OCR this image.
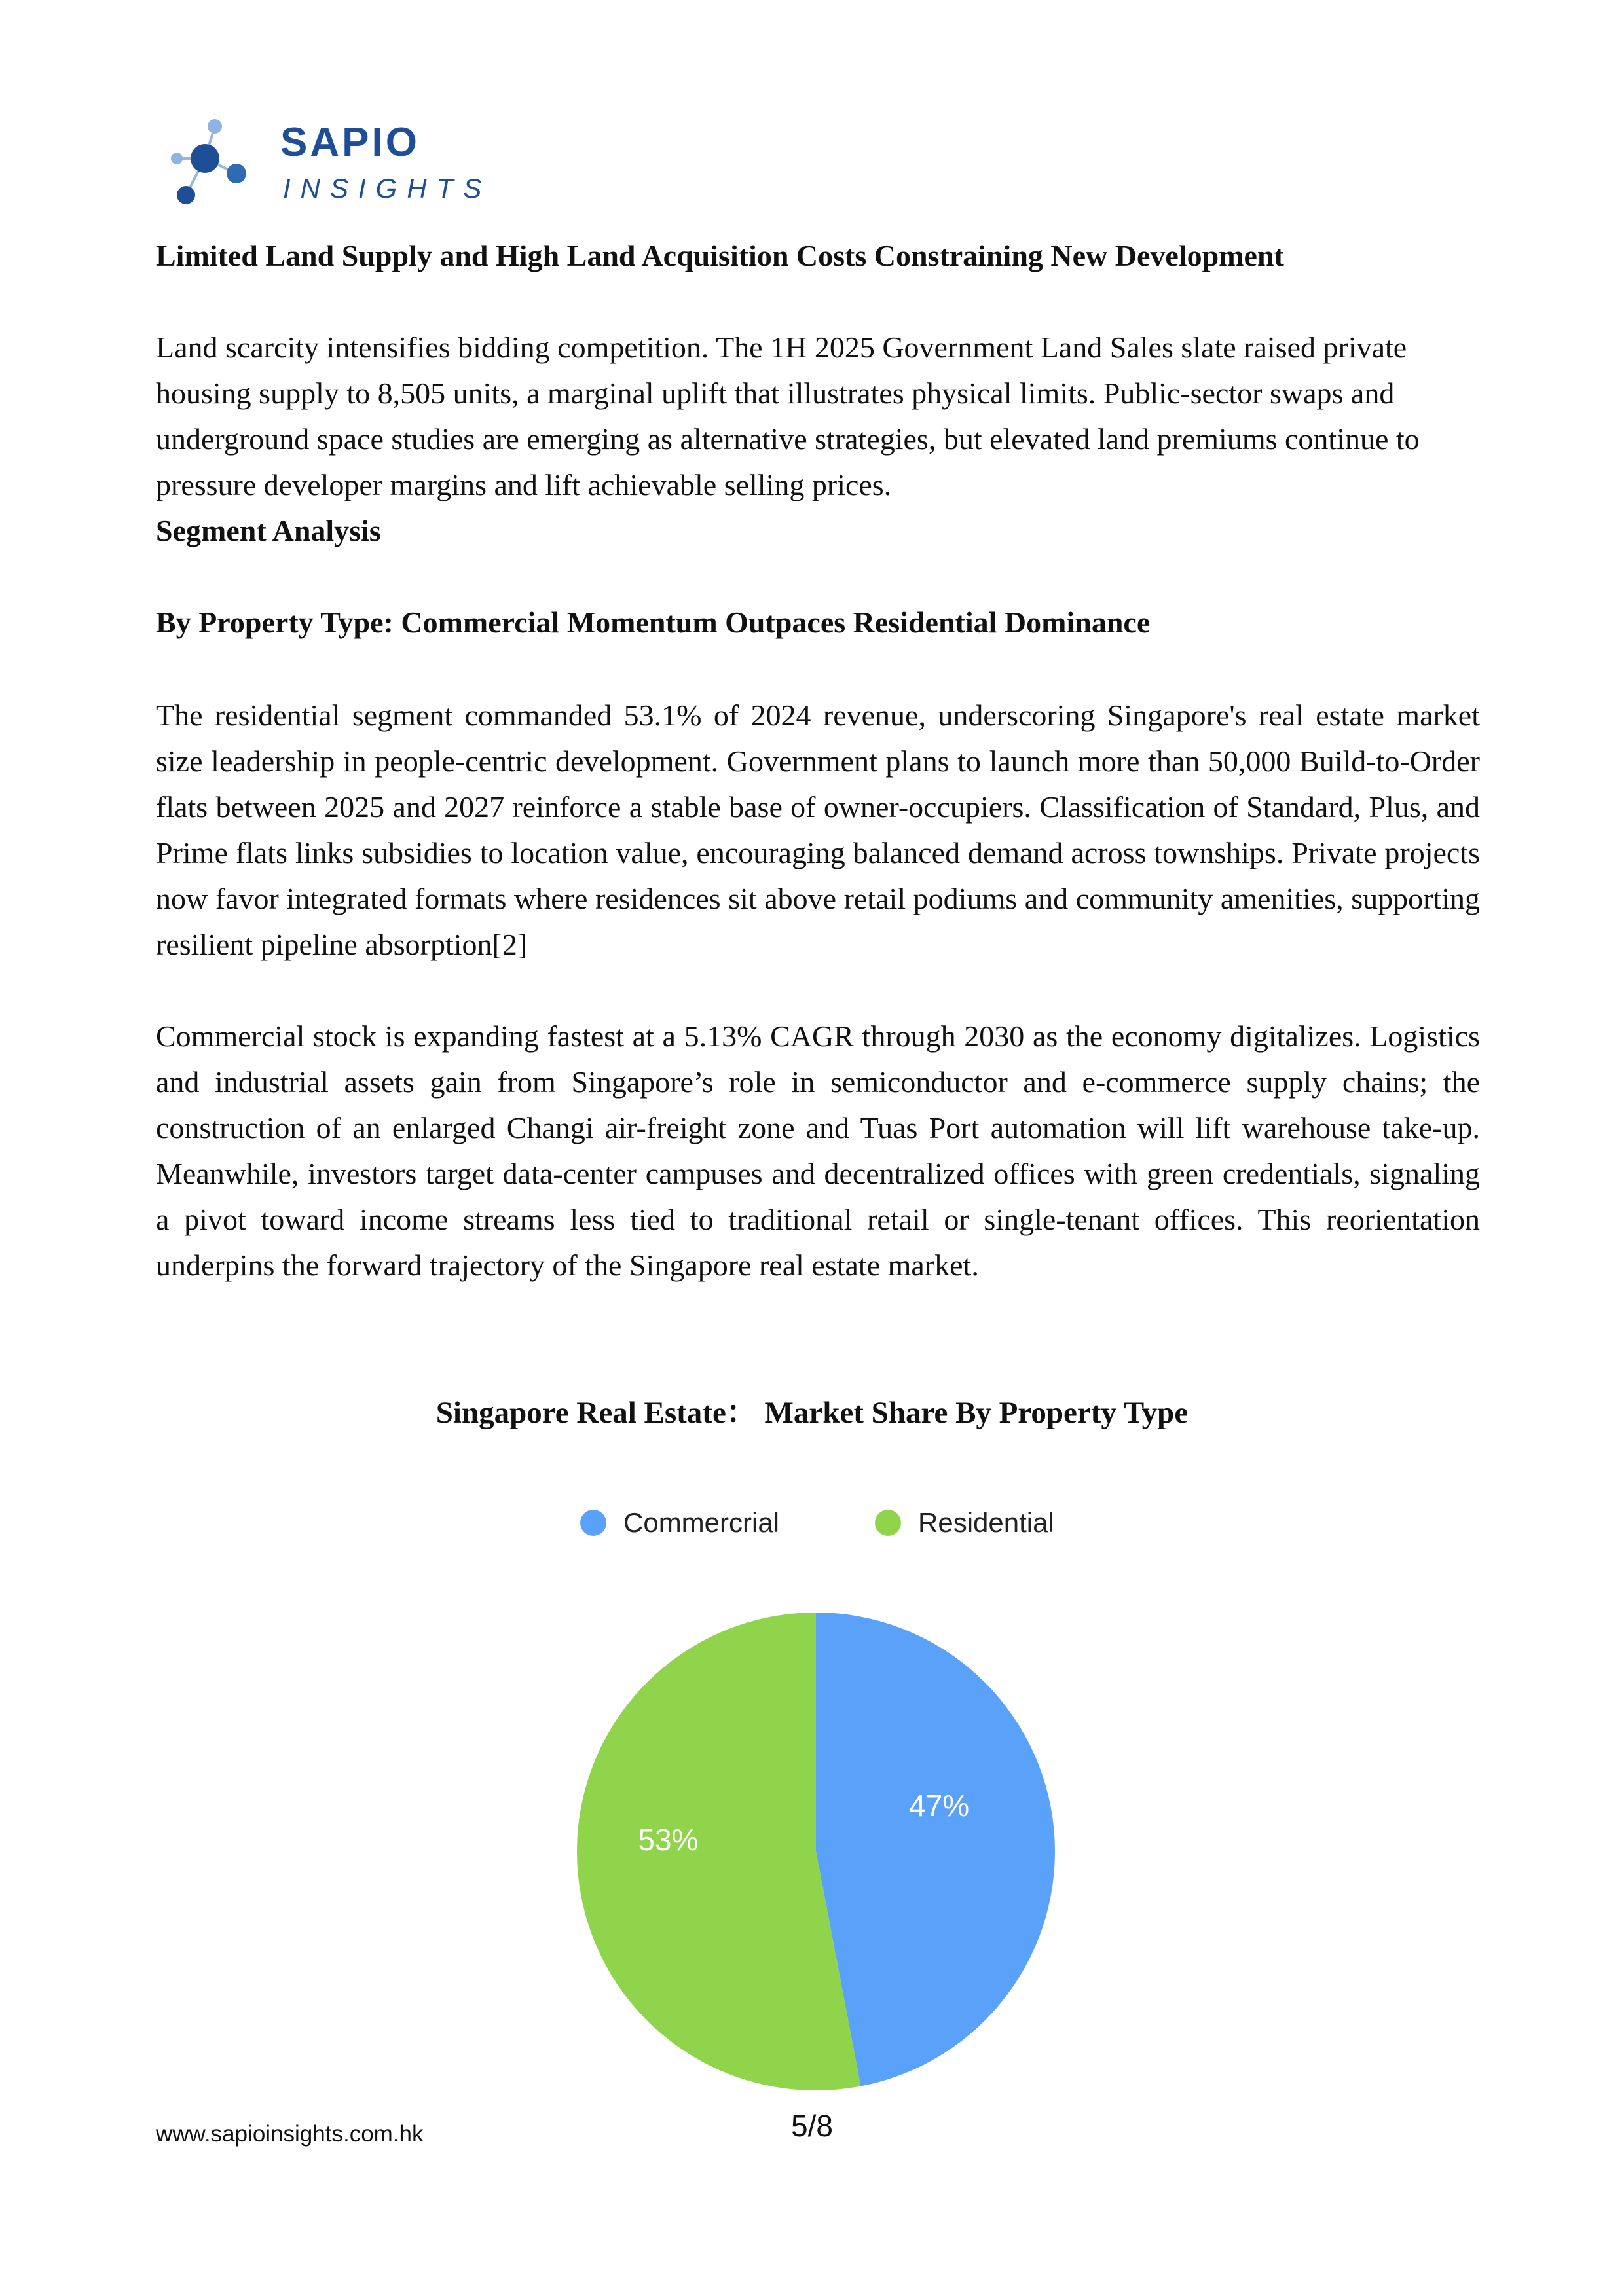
SAPIO
INSIGHTS
Limited Land Supply and High Land Acquisition Costs Constraining New Development
Land scarcity intensifies bidding competition. The 1H 2025 Government Land Sales slate raised private housing supply to 8,505 units, a marginal uplift that illustrates physical limits. Public-sector swaps and underground space studies are emerging as alternative strategies, but elevated land premiums continue to pressure developer margins and lift achievable selling prices.
Segment Analysis
By Property Type: Commercial Momentum Outpaces Residential Dominance
The residential segment commanded 53.1% of 2024 revenue, underscoring Singapore's real estate market size leadership in people-centric development. Government plans to launch more than 50,000 Build-to-Order flats between 2025 and 2027 reinforce a stable base of owner-occupiers. Classification of Standard, Plus, and Prime flats links subsidies to location value, encouraging balanced demand across townships. Private projects now favor integrated formats where residences sit above retail podiums and community amenities, supporting resilient pipeline absorption[2]
Commercial stock is expanding fastest at a 5.13% CAGR through 2030 as the economy digitalizes. Logistics and industrial assets gain from Singapore’s role in semiconductor and e-commerce supply chains; the construction of an enlarged Changi air-freight zone and Tuas Port automation will lift warehouse take-up. Meanwhile, investors target data-center campuses and decentralized offices with green credentials, signaling a pivot toward income streams less tied to traditional retail or single-tenant offices. This reorientation underpins the forward trajectory of the Singapore real estate market.
Singapore Real Estate： Market Share By Property Type
Commercrial	Residential
47%
53%
www.sapioinsights.com.hk	5/8
